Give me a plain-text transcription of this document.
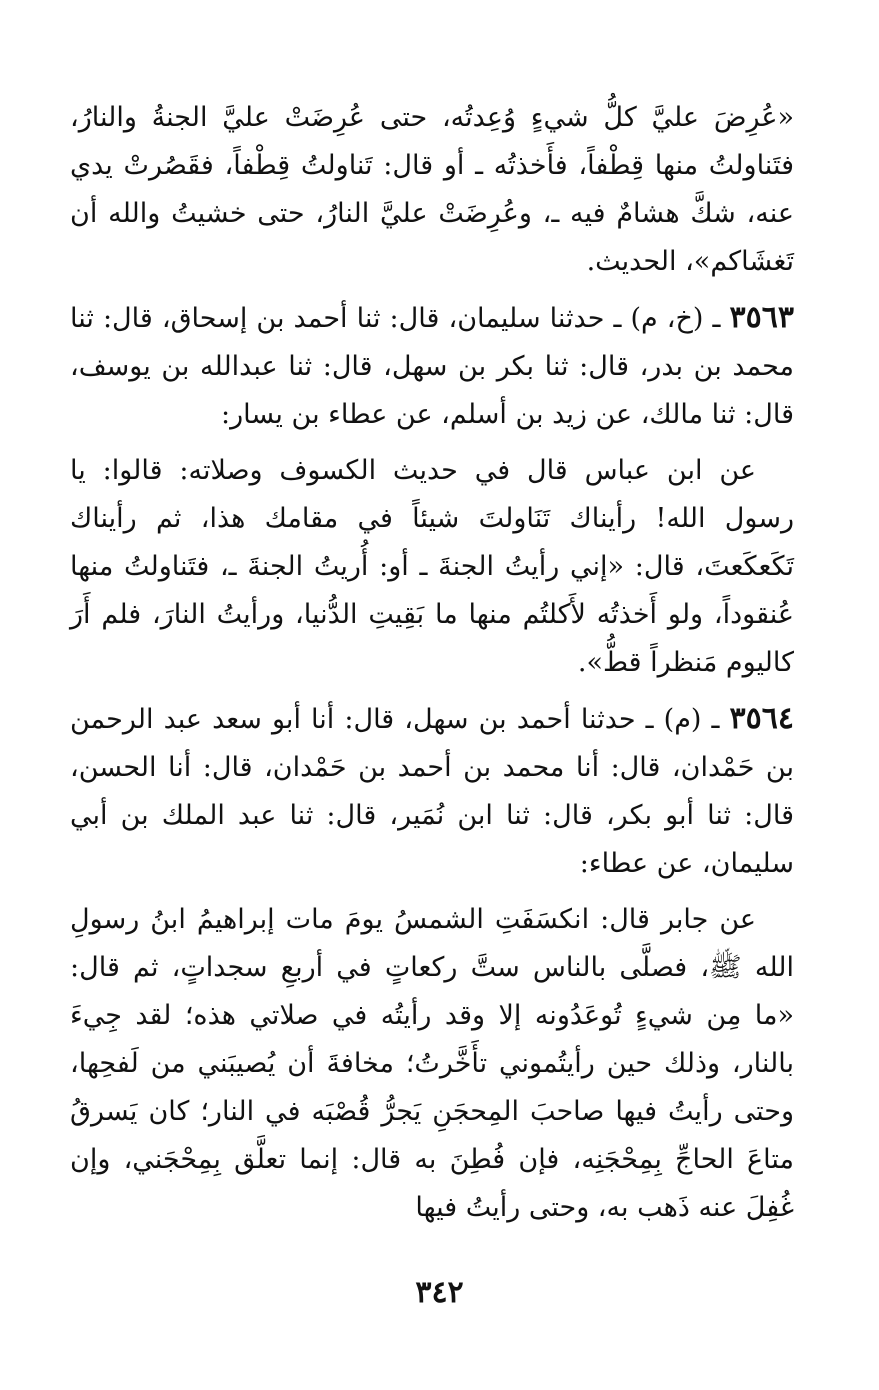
«عُرِضَ عليَّ كلُّ شيءٍ وُعِدتُه، حتى عُرِضَتْ عليَّ الجنةُ والنارُ، فتَناولتُ منها قِطْفاً، فأَخذتُه ـ أو قال: تَناولتُ قِطْفاً، فقَصُرتْ يدي عنه، شكَّ هشامٌ فيه ـ، وعُرِضَتْ عليَّ النارُ، حتى خشيتُ والله أن تَغشَاكم»، الحديث.

٣٥٦٣ ـ (خ، م) ـ حدثنا سليمان، قال: ثنا أحمد بن إسحاق، قال: ثنا محمد بن بدر، قال: ثنا بكر بن سهل، قال: ثنا عبدالله بن يوسف، قال: ثنا مالك، عن زيد بن أسلم، عن عطاء بن يسار:

عن ابن عباس قال في حديث الكسوف وصلاته: قالوا: يا رسول الله! رأيناك تَنَاولتَ شيئاً في مقامك هذا، ثم رأيناك تَكَعكَعتَ، قال: «إني رأيتُ الجنةَ ـ أو: أُريتُ الجنةَ ـ، فتَناولتُ منها عُنقوداً، ولو أَخذتُه لأَكلتُم منها ما بَقِيتِ الدُّنيا، ورأيتُ النارَ، فلم أَرَ كاليوم مَنظراً قطُّ».

٣٥٦٤ ـ (م) ـ حدثنا أحمد بن سهل، قال: أنا أبو سعد عبد الرحمن بن حَمْدان، قال: أنا محمد بن أحمد بن حَمْدان، قال: أنا الحسن، قال: ثنا أبو بكر، قال: ثنا ابن نُمَير، قال: ثنا عبد الملك بن أبي سليمان، عن عطاء:

عن جابر قال: انكسَفَتِ الشمسُ يومَ مات إبراهيمُ ابنُ رسولِ الله ﷺ، فصلَّى بالناس ستَّ ركعاتٍ في أربعِ سجداتٍ، ثم قال: «ما مِن شيءٍ تُوعَدُونه إلا وقد رأيتُه في صلاتي هذه؛ لقد جِيءَ بالنار، وذلك حين رأيتُموني تأَخَّرتُ؛ مخافةَ أن يُصيبَني من لَفحِها، وحتى رأيتُ فيها صاحبَ المِحجَنِ يَجرُّ قُصْبَه في النار؛ كان يَسرقُ متاعَ الحاجِّ بِمِحْجَنِه، فإن فُطِنَ به قال: إنما تعلَّق بِمِحْجَني، وإن غُفِلَ عنه ذَهب به، وحتى رأيتُ فيها

٣٤٢
